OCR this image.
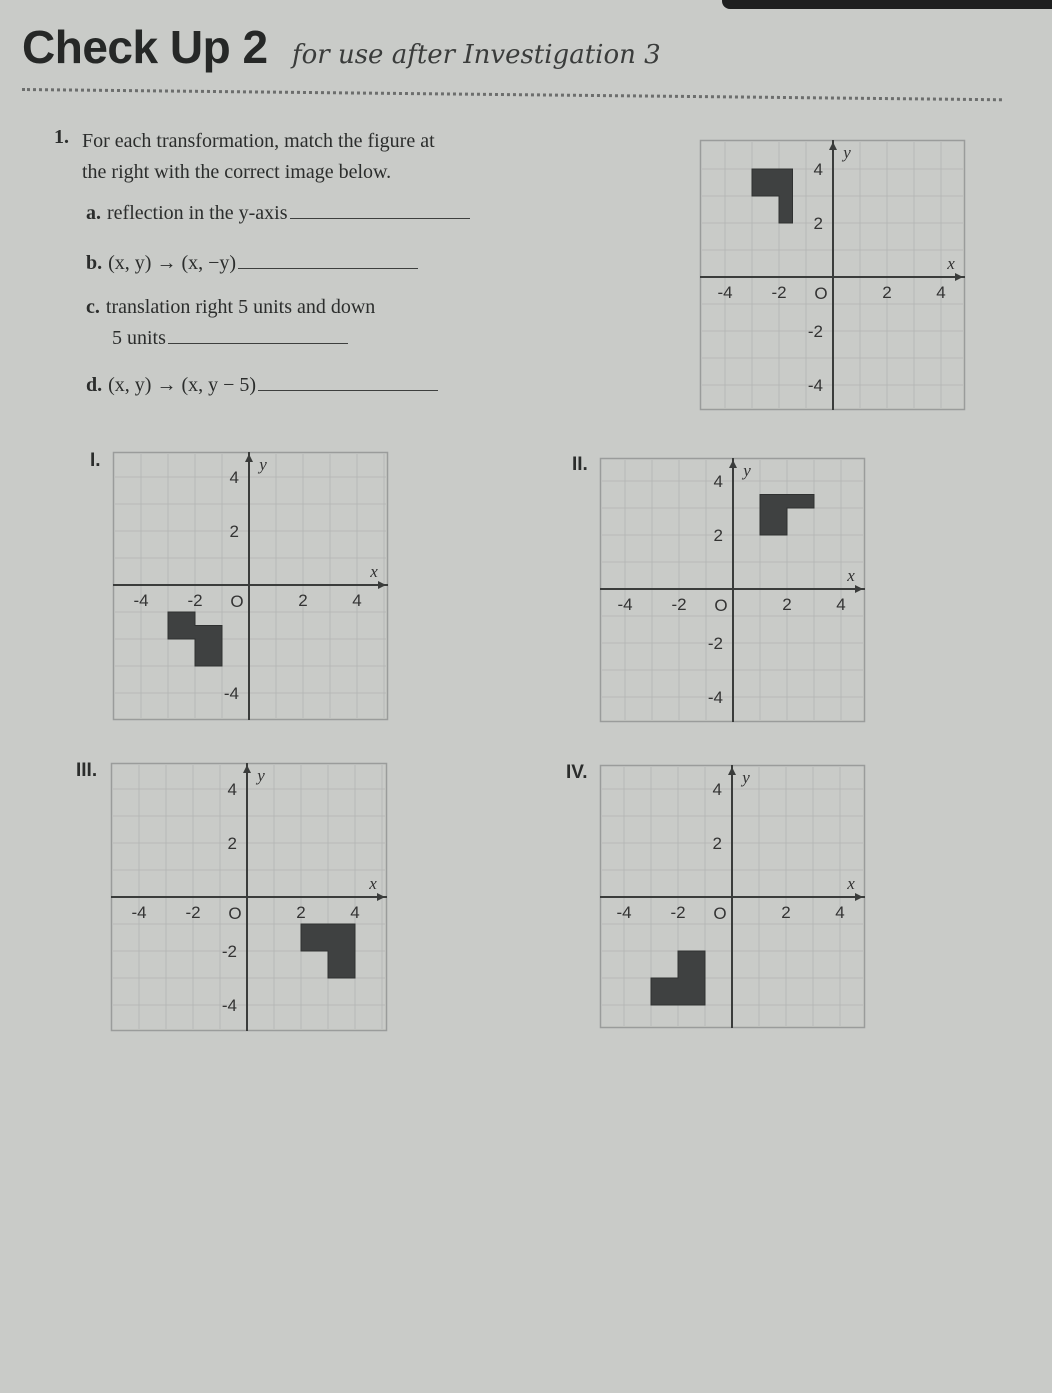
Check Up 2 for use after Investigation 3
1. For each transformation, match the figure at
the right with the correct image below.
a. reflection in the y-axis
b. (x, y) → (x, −y)
c. translation right 5 units and down
5 units
d. (x, y) → (x, y − 5)
I.	II.
III.	IV.
-4 -2	2	4
O
4
2
-2
-4
x
y
-4 -2	2	4
O
4
2
-4
x
y
-4 -2	2	4
O
4
2
-2
-4
x
y
-4 -2	2	4
O
4
2
-2
-4
x
y
-4 -2	2	4
O
4
2
x
y
